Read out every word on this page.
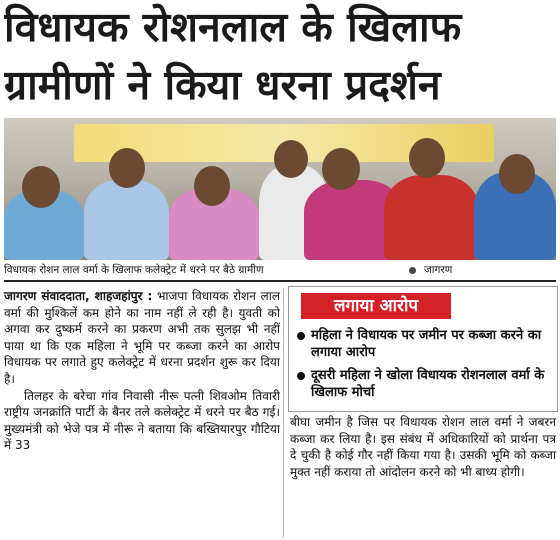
विधायक रोशनलाल के खिलाफ
ग्रामीणों ने किया धरना प्रदर्शन
विधायक रोशन लाल वर्मा के खिलाफ कलेक्ट्रेट में धरने पर बैठे ग्रामीण	जागरण

जागरण संवाददाता, शाहजहांपुर : भाजपा विधायक रोशन लाल वर्मा की मुश्किलें कम होने का नाम नहीं ले रही है। युवती को अगवा कर दुष्कर्म करने का प्रकरण अभी तक सुलझ भी नहीं पाया था कि एक महिला ने भूमि पर कब्जा करने का आरोप विधायक पर लगाते हुए कलेक्ट्रेट में धरना प्रदर्शन शुरू कर दिया है।

तिलहर के बरेचा गांव निवासी नीरू पत्नी शिवओम तिवारी राष्ट्रीय जनक्रांति पार्टी के बैनर तले कलेक्ट्रेट में धरने पर बैठ गई। मुख्यमंत्री को भेजे पत्र में नीरू ने बताया कि बख्तियारपुर गौटिया में 33

लगाया आरोप
महिला ने विधायक पर जमीन पर कब्जा करने का लगाया आरोप
दूसरी महिला ने खोला विधायक रोशनलाल वर्मा के खिलाफ मोर्चा

बीघा जमीन है जिस पर विधायक रोशन लाल वर्मा ने जबरन कब्जा कर लिया है। इस संबंध में अधिकारियों को प्रार्थना पत्र दे चुकी है कोई गौर नहीं किया गया है। उसकी भूमि को कब्जा मुक्त नहीं कराया तो आंदोलन करने को भी बाध्य होगी।
